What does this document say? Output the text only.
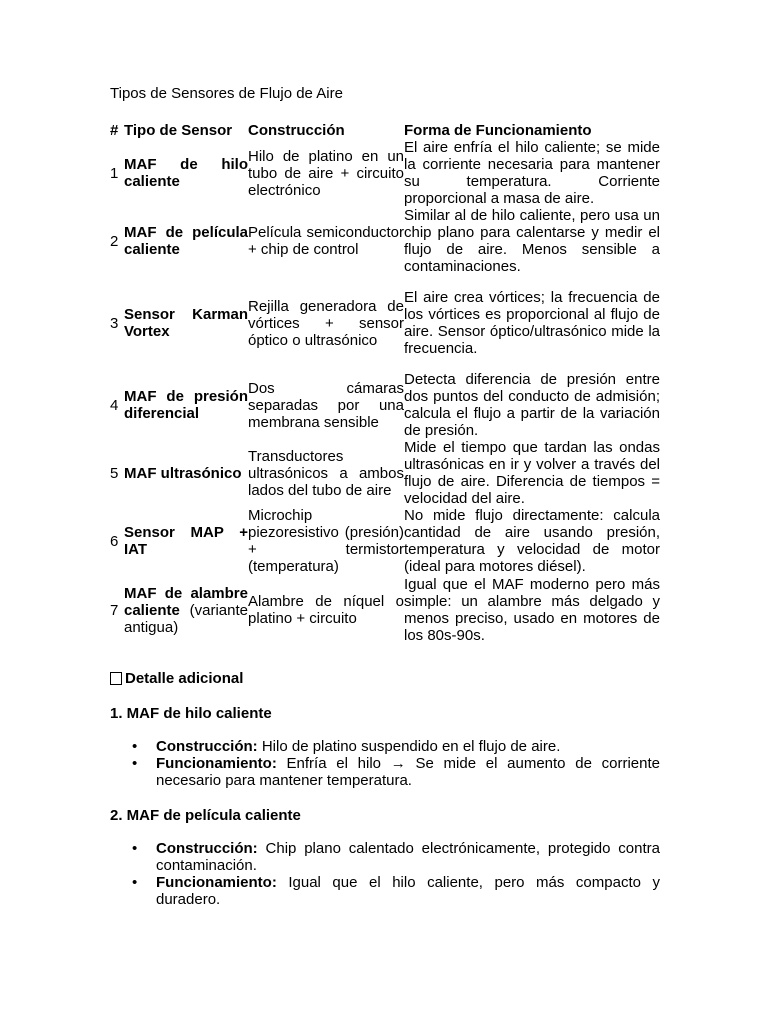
Tipos de Sensores de Flujo de Aire
#	Tipo de Sensor	Construcción	Forma de Funcionamiento
1	MAF de hilo caliente	Hilo de platino en un tubo de aire + circuito electrónico	El aire enfría el hilo caliente; se mide la corriente necesaria para mantener su temperatura. Corriente proporcional a masa de aire.
2	MAF de película caliente	Película semiconductor + chip de control	Similar al de hilo caliente, pero usa un chip plano para calentarse y medir el flujo de aire. Menos sensible a contaminaciones.
3	Sensor Karman Vortex	Rejilla generadora de vórtices + sensor óptico o ultrasónico	El aire crea vórtices; la frecuencia de los vórtices es proporcional al flujo de aire. Sensor óptico/ultrasónico mide la frecuencia.
4	MAF de presión diferencial	Dos cámaras separadas por una membrana sensible	Detecta diferencia de presión entre dos puntos del conducto de admisión; calcula el flujo a partir de la variación de presión.
5	MAF ultrasónico	Transductores ultrasónicos a ambos lados del tubo de aire	Mide el tiempo que tardan las ondas ultrasónicas en ir y volver a través del flujo de aire. Diferencia de tiempos = velocidad del aire.
6	Sensor MAP + IAT	Microchip piezoresistivo (presión) + termistor (temperatura)	No mide flujo directamente: calcula cantidad de aire usando presión, temperatura y velocidad de motor (ideal para motores diésel).
7	MAF de alambre caliente (variante antigua)	Alambre de níquel o platino + circuito	Igual que el MAF moderno pero más simple: un alambre más delgado y menos preciso, usado en motores de los 80s-90s.
Detalle adicional
1. MAF de hilo caliente
• Construcción: Hilo de platino suspendido en el flujo de aire.
• Funcionamiento: Enfría el hilo → Se mide el aumento de corriente necesario para mantener temperatura.
2. MAF de película caliente
• Construcción: Chip plano calentado electrónicamente, protegido contra contaminación.
• Funcionamiento: Igual que el hilo caliente, pero más compacto y duradero.
